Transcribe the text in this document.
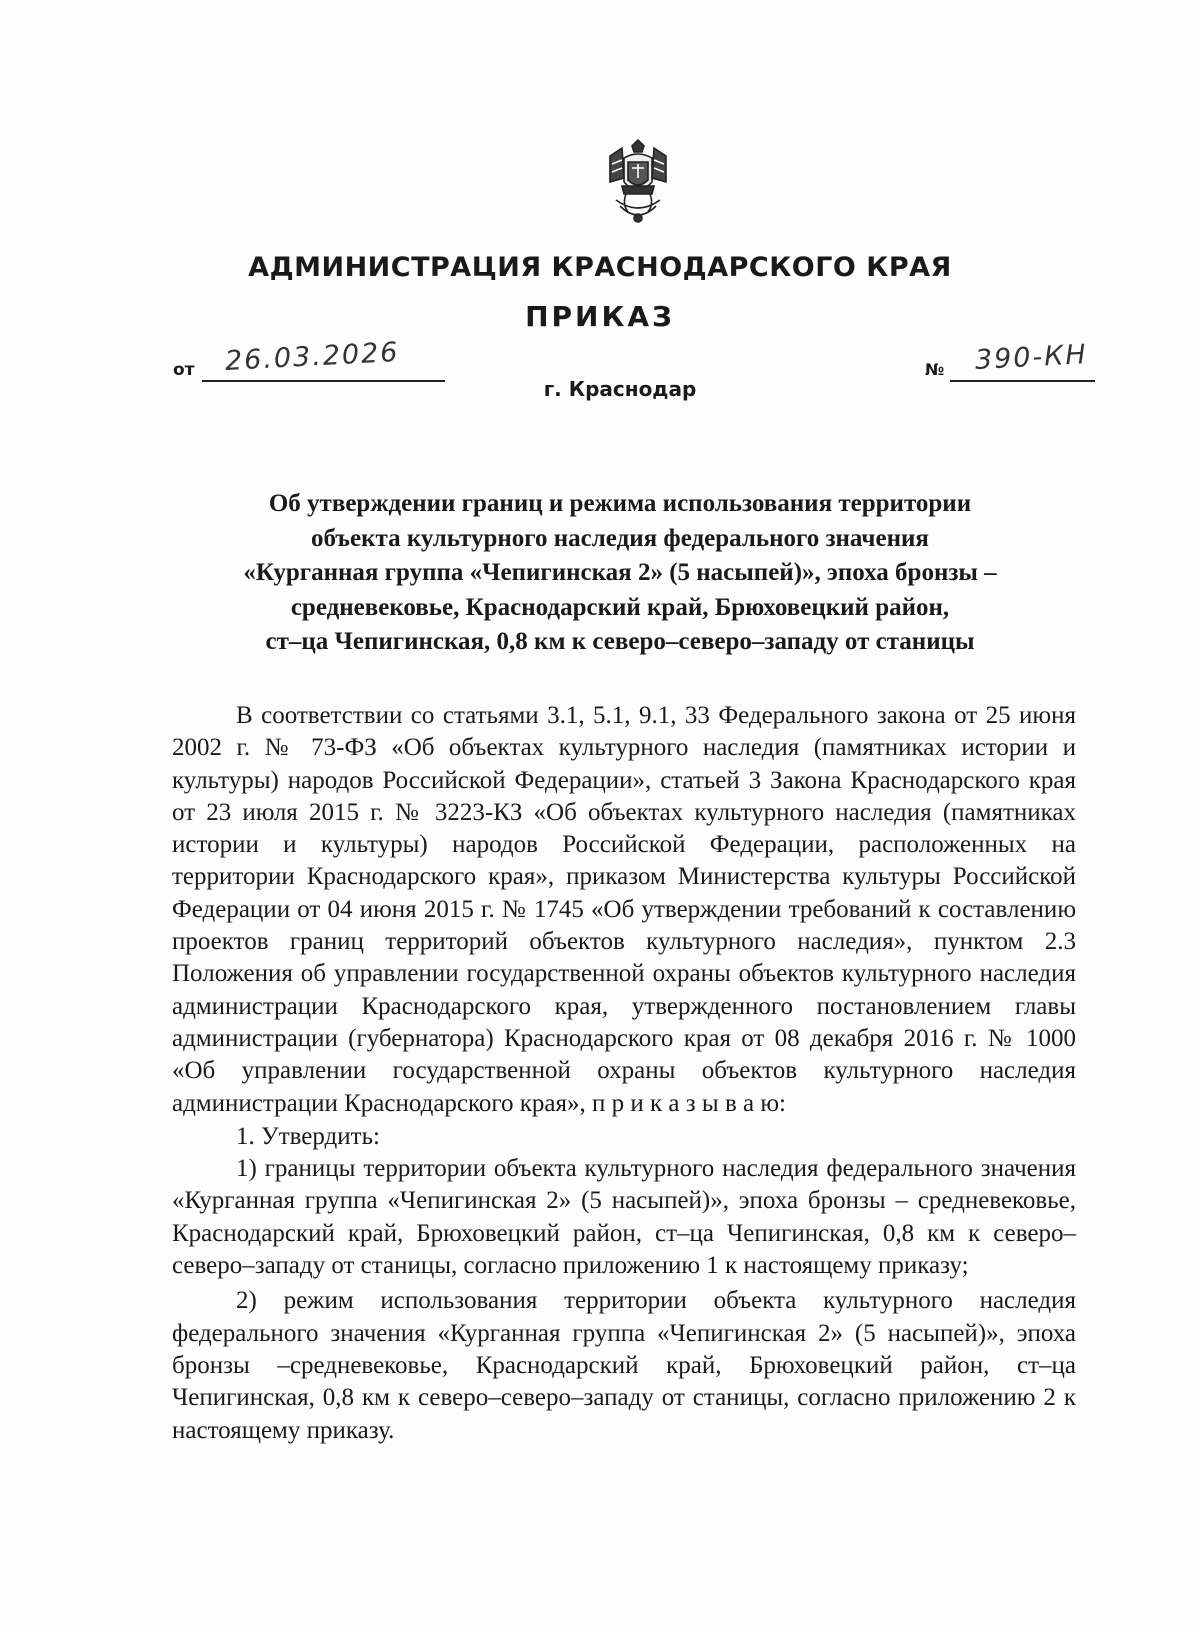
АДМИНИСТРАЦИЯ КРАСНОДАРСКОГО КРАЯ
ПРИКАЗ
от 26.03.2026
г. Краснодар
№ 390-КН
Об утверждении границ и режима использования территории
объекта культурного наследия федерального значения
«Курганная группа «Чепигинская 2» (5 насыпей)», эпоха бронзы –
средневековье, Краснодарский край, Брюховецкий район,
ст–ца Чепигинская, 0,8 км к северо–северо–западу от станицы

В соответствии со статьями 3.1, 5.1, 9.1, 33 Федерального закона от 25 июня 2002 г. № 73-ФЗ «Об объектах культурного наследия (памятниках истории и культуры) народов Российской Федерации», статьей 3 Закона Краснодарского края от 23 июля 2015 г. № 3223-КЗ «Об объектах культурного наследия (памятниках истории и культуры) народов Российской Федерации, расположенных на территории Краснодарского края», приказом Министерства культуры Российской Федерации от 04 июня 2015 г. № 1745 «Об утверждении требований к составлению проектов границ территорий объектов культурного наследия», пунктом 2.3 Положения об управлении государственной охраны объектов культурного наследия администрации Краснодарского края, утвержденного постановлением главы администрации (губернатора) Краснодарского края от 08 декабря 2016 г. № 1000 «Об управлении государственной охраны объектов культурного наследия администрации Краснодарского края», п р и к а з ы в а ю:

1. Утвердить:

1) границы территории объекта культурного наследия федерального значения «Курганная группа «Чепигинская 2» (5 насыпей)», эпоха бронзы – средневековье, Краснодарский край, Брюховецкий район, ст–ца Чепигинская, 0,8 км к северо–северо–западу от станицы, согласно приложению 1 к настоящему приказу;

2) режим использования территории объекта культурного наследия федерального значения «Курганная группа «Чепигинская 2» (5 насыпей)», эпоха бронзы –средневековье, Краснодарский край, Брюховецкий район, ст–ца Чепигинская, 0,8 км к северо–северо–западу от станицы, согласно приложению 2 к настоящему приказу.
